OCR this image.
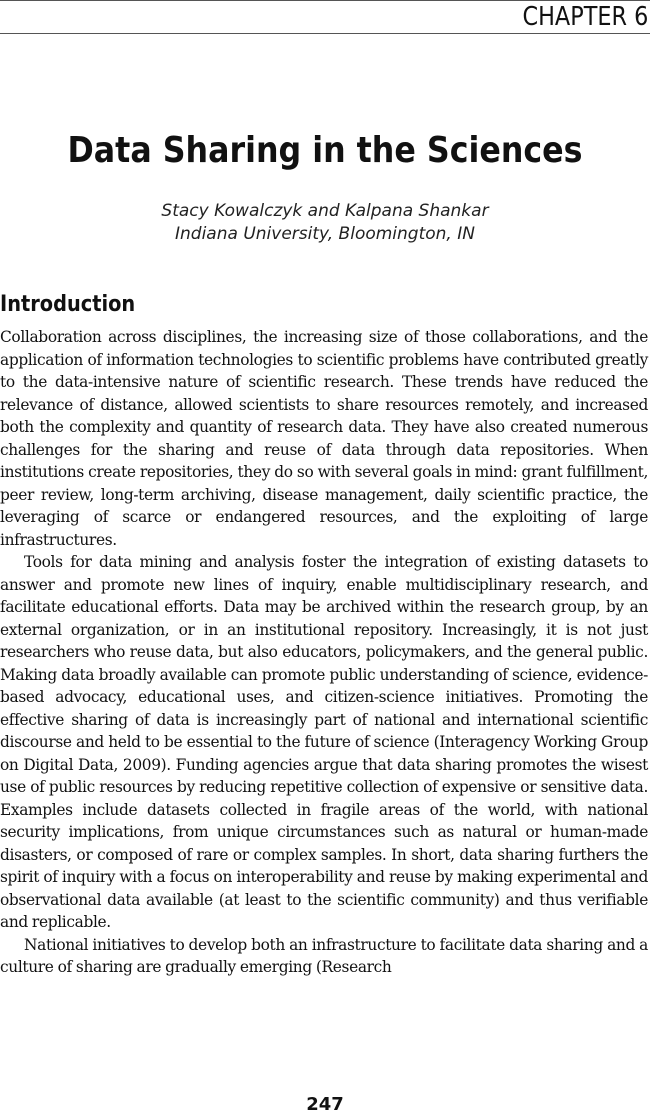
CHAPTER 6
Data Sharing in the Sciences
Stacy Kowalczyk and Kalpana Shankar
Indiana University, Bloomington, IN
Introduction

Collaboration across disciplines, the increasing size of those collaborations, and the application of information technologies to scientific problems have contributed greatly to the data-intensive nature of scientific research. These trends have reduced the relevance of distance, allowed scientists to share resources remotely, and increased both the complexity and quantity of research data. They have also created numerous challenges for the sharing and reuse of data through data repositories. When institutions create repositories, they do so with several goals in mind: grant fulfillment, peer review, long-term archiving, disease management, daily scientific practice, the leveraging of scarce or endangered resources, and the exploiting of large infrastructures.

Tools for data mining and analysis foster the integration of existing datasets to answer and promote new lines of inquiry, enable multidisciplinary research, and facilitate educational efforts. Data may be archived within the research group, by an external organization, or in an institutional repository. Increasingly, it is not just researchers who reuse data, but also educators, policymakers, and the general public. Making data broadly available can promote public understanding of science, evidence-based advocacy, educational uses, and citizen-science initiatives. Promoting the effective sharing of data is increasingly part of national and international scientific discourse and held to be essential to the future of science (Interagency Working Group on Digital Data, 2009). Funding agencies argue that data sharing promotes the wisest use of public resources by reducing repetitive collection of expensive or sensitive data. Examples include datasets collected in fragile areas of the world, with national security implications, from unique circumstances such as natural or human-made disasters, or composed of rare or complex samples. In short, data sharing furthers the spirit of inquiry with a focus on interoperability and reuse by making experimental and observational data available (at least to the scientific community) and thus verifiable and replicable.

National initiatives to develop both an infrastructure to facilitate data sharing and a culture of sharing are gradually emerging (Research

247
